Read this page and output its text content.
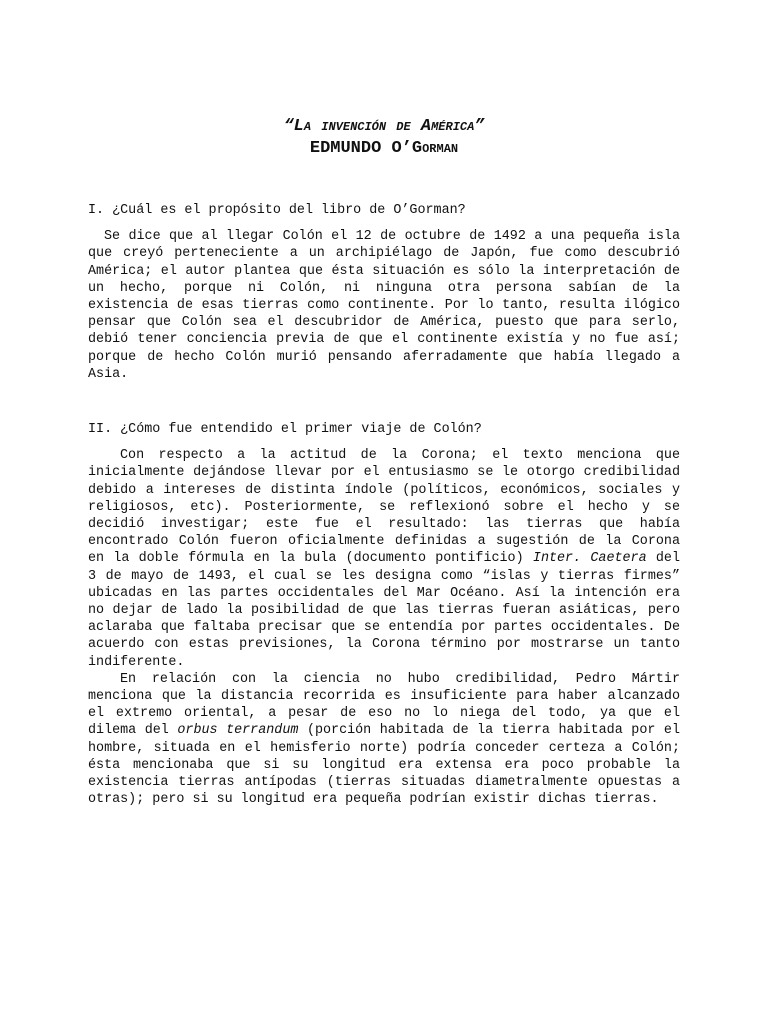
“La invención de América”
EDMUNDO O’Gorman

I. ¿Cuál es el propósito del libro de O’Gorman?

Se dice que al llegar Colón el 12 de octubre de 1492 a una pequeña isla que creyó perteneciente a un archipiélago de Japón, fue como descubrió América; el autor plantea que ésta situación es sólo la interpretación de un hecho, porque ni Colón, ni ninguna otra persona sabían de la existencia de esas tierras como continente. Por lo tanto, resulta ilógico pensar que Colón sea el descubridor de América, puesto que para serlo, debió tener conciencia previa de que el continente existía y no fue así; porque de hecho Colón murió pensando aferradamente que había llegado a Asia.

II. ¿Cómo fue entendido el primer viaje de Colón?

Con respecto a la actitud de la Corona; el texto menciona que inicialmente dejándose llevar por el entusiasmo se le otorgo credibilidad debido a intereses de distinta índole (políticos, económicos, sociales y religiosos, etc). Posteriormente, se reflexionó sobre el hecho y se decidió investigar; este fue el resultado: las tierras que había encontrado Colón fueron oficialmente definidas a sugestión de la Corona en la doble fórmula en la bula (documento pontificio) Inter. Caetera del 3 de mayo de 1493, el cual se les designa como “islas y tierras firmes” ubicadas en las partes occidentales del Mar Océano. Así la intención era no dejar de lado la posibilidad de que las tierras fueran asiáticas, pero aclaraba que faltaba precisar que se entendía por partes occidentales. De acuerdo con estas previsiones, la Corona término por mostrarse un tanto indiferente.

En relación con la ciencia no hubo credibilidad, Pedro Mártir menciona que la distancia recorrida es insuficiente para haber alcanzado el extremo oriental, a pesar de eso no lo niega del todo, ya que el dilema del orbus terrandum (porción habitada de la tierra habitada por el hombre, situada en el hemisferio norte) podría conceder certeza a Colón; ésta mencionaba que si su longitud era extensa era poco probable la existencia tierras antípodas (tierras situadas diametralmente opuestas a otras); pero si su longitud era pequeña podrían existir dichas tierras.
